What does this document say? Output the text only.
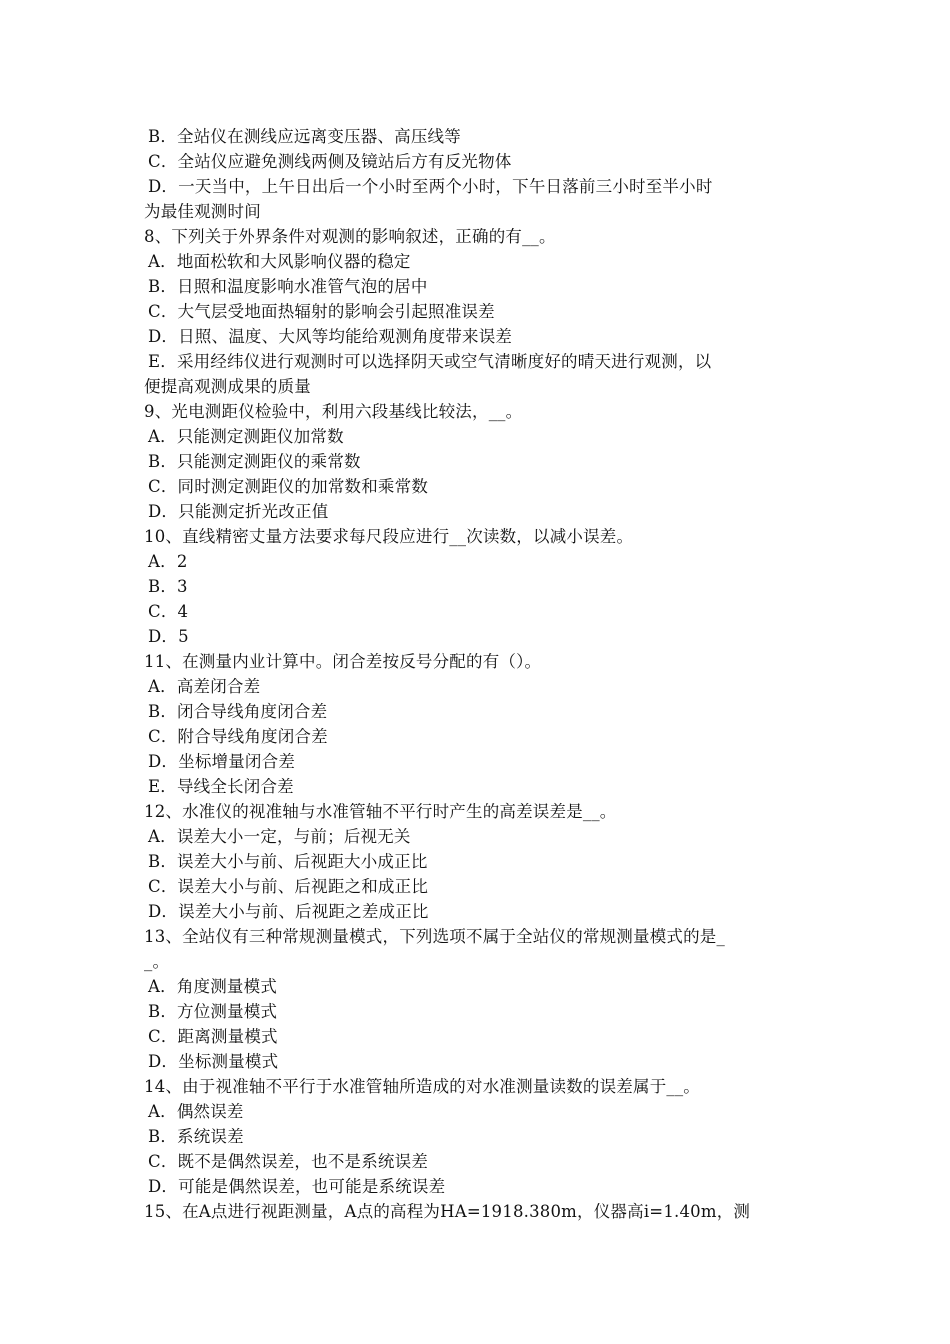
B．全站仪在测线应远离变压器、高压线等
C．全站仪应避免测线两侧及镜站后方有反光物体
D．一天当中，上午日出后一个小时至两个小时，下午日落前三小时至半小时
为最佳观测时间
8、下列关于外界条件对观测的影响叙述，正确的有__。
A．地面松软和大风影响仪器的稳定
B．日照和温度影响水准管气泡的居中
C．大气层受地面热辐射的影响会引起照准误差
D．日照、温度、大风等均能给观测角度带来误差
E．采用经纬仪进行观测时可以选择阴天或空气清晰度好的晴天进行观测，以
便提高观测成果的质量
9、光电测距仪检验中，利用六段基线比较法，__。
A．只能测定测距仪加常数
B．只能测定测距仪的乘常数
C．同时测定测距仪的加常数和乘常数
D．只能测定折光改正值
10、直线精密丈量方法要求每尺段应进行__次读数，以减小误差。
A．2
B．3
C．4
D．5
11、在测量内业计算中。闭合差按反号分配的有（）。
A．高差闭合差
B．闭合导线角度闭合差
C．附合导线角度闭合差
D．坐标增量闭合差
E．导线全长闭合差
12、水准仪的视准轴与水准管轴不平行时产生的高差误差是__。
A．误差大小一定，与前；后视无关
B．误差大小与前、后视距大小成正比
C．误差大小与前、后视距之和成正比
D．误差大小与前、后视距之差成正比
13、全站仪有三种常规测量模式，下列选项不属于全站仪的常规测量模式的是_
_。
A．角度测量模式
B．方位测量模式
C．距离测量模式
D．坐标测量模式
14、由于视准轴不平行于水准管轴所造成的对水准测量读数的误差属于__。
A．偶然误差
B．系统误差
C．既不是偶然误差，也不是系统误差
D．可能是偶然误差，也可能是系统误差
15、在A点进行视距测量，A点的高程为HA=1918.380m，仪器高i=1.40m，测
